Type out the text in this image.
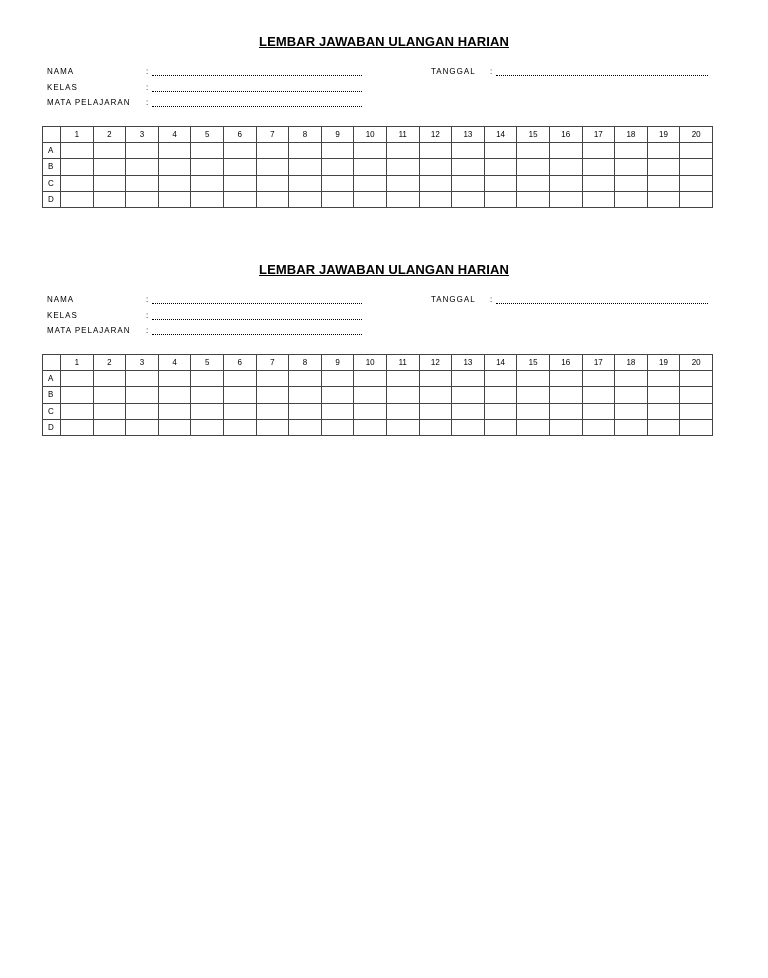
LEMBAR JAWABAN ULANGAN HARIAN
NAMA	:
KELAS	:
MATA PELAJARAN :
TANGGAL :
	1	2	3	4	5	6	7	8	9	10	11	12	13	14	15	16	17	18	19	20
A																				
B																				
C																				
D																				
LEMBAR JAWABAN ULANGAN HARIAN
NAMA	:
KELAS	:
MATA PELAJARAN :
TANGGAL :
	1	2	3	4	5	6	7	8	9	10	11	12	13	14	15	16	17	18	19	20
A																				
B																				
C																				
D																				
